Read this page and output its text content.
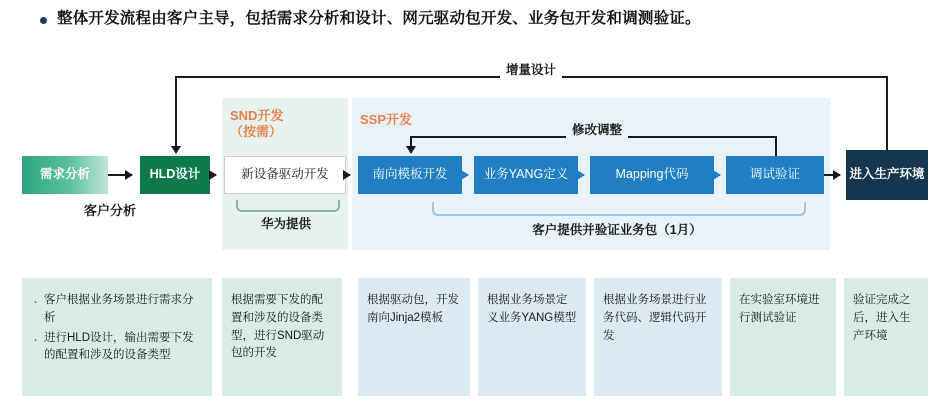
整体开发流程由客户主导，包括需求分析和设计、网元驱动包开发、业务包开发和调测验证。
SND开发
（按需）
SSP开发
增量设计
修改调整
需求分析	HLD设计	新设备驱动开发	南向模板开发	业务YANG定义	Mapping代码	调试验证	进入生产环境
华为提供	客户提供并验证业务包（1月）
客户分析
· 客户根据业务场景进行需求分析
· 进行HLD设计，输出需要下发的配置和涉及的设备类型

根据需要下发的配置和涉及的设备类型，进行SND驱动包的开发

根据驱动包，开发南向Jinja2模板

根据业务场景定义业务YANG模型

根据业务场景进行业务代码、逻辑代码开发

在实验室环境进行测试验证

验证完成之后，进入生产环境
